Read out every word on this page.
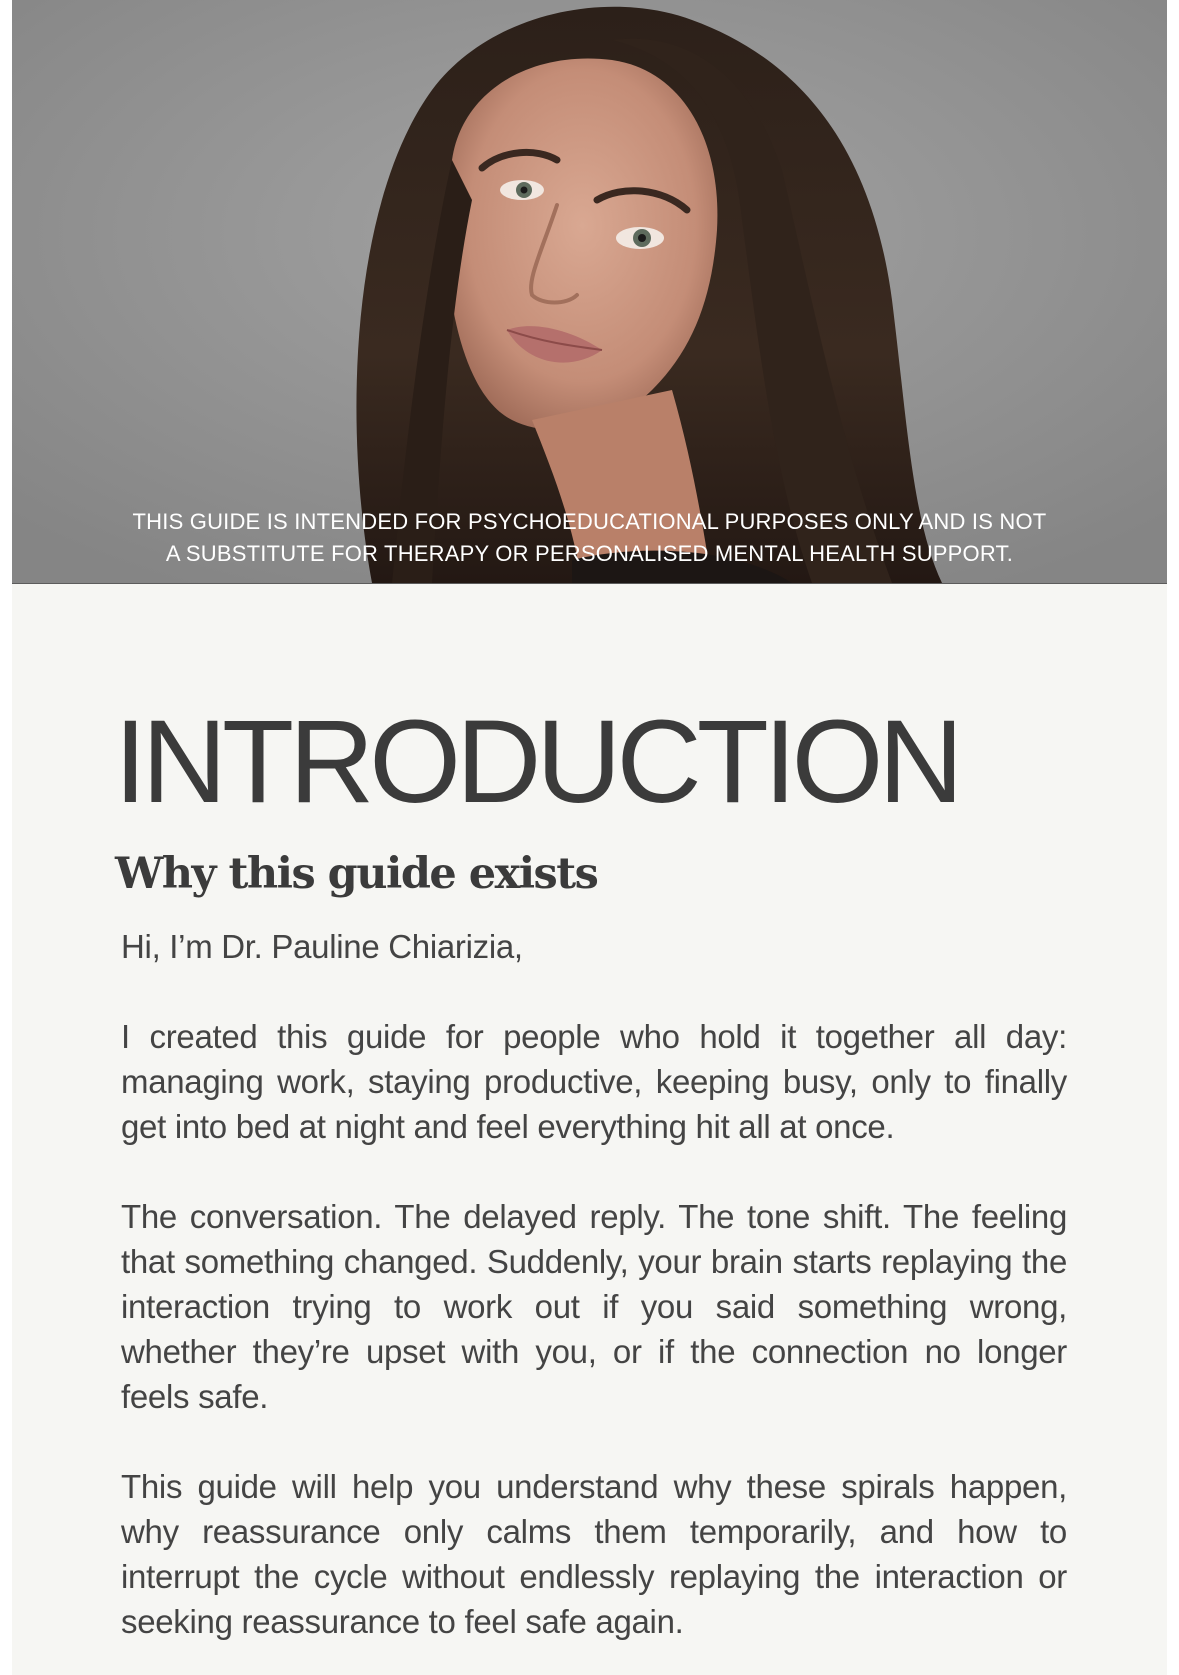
THIS GUIDE IS INTENDED FOR PSYCHOEDUCATIONAL PURPOSES ONLY AND IS NOT
A SUBSTITUTE FOR THERAPY OR PERSONALISED MENTAL HEALTH SUPPORT.
INTRODUCTION
Why this guide exists

Hi, I’m Dr. Pauline Chiarizia,

I created this guide for people who hold it together all day: managing work, staying productive, keeping busy, only to finally get into bed at night and feel everything hit all at once.

The conversation. The delayed reply. The tone shift. The feeling that something changed. Suddenly, your brain starts replaying the interaction trying to work out if you said something wrong, whether they’re upset with you, or if the connection no longer feels safe.

This guide will help you understand why these spirals happen, why reassurance only calms them temporarily, and how to interrupt the cycle without endlessly replaying the interaction or seeking reassurance to feel safe again.
